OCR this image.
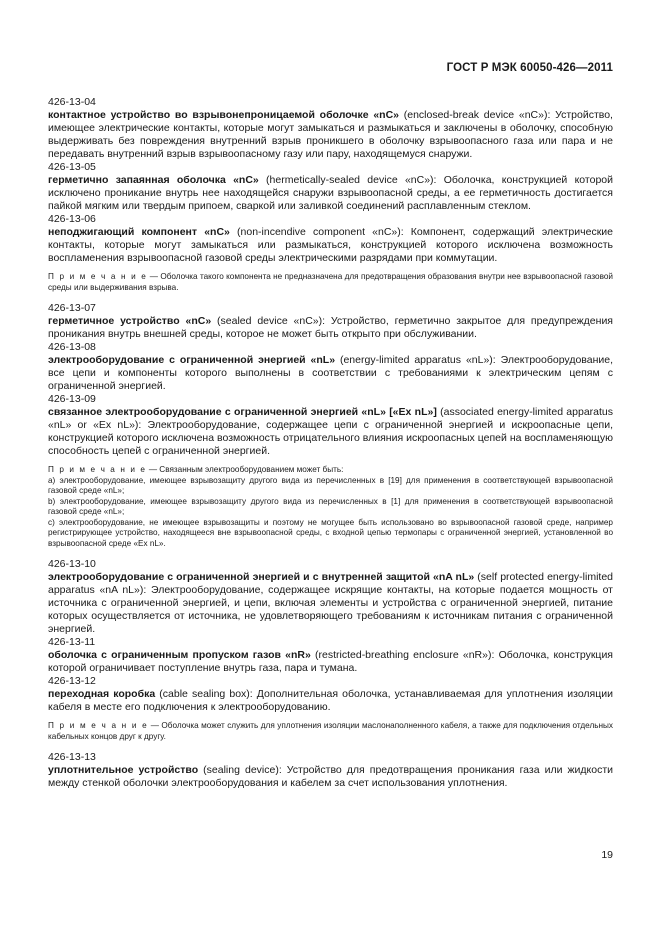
ГОСТ Р МЭК 60050-426—2011

426-13-04

контактное устройство во взрывонепроницаемой оболочке «nC» (enclosed-break device «nC»): Устройство, имеющее электрические контакты, которые могут замыкаться и размыкаться и заключены в оболочку, способную выдерживать без повреждения внутренний взрыв проникшего в оболочку взрывоопасного газа или пара и не передавать внутренний взрыв взрывоопасному газу или пару, находящемуся снаружи.

426-13-05

герметично запаянная оболочка «nC» (hermetically-sealed device «nC»): Оболочка, конструкцией которой исключено проникание внутрь нее находящейся снаружи взрывоопасной среды, а ее герметичность достигается пайкой мягким или твердым припоем, сваркой или заливкой соединений расплавленным стеклом.

426-13-06

неподжигающий компонент «nC» (non-incendive component «nC»): Компонент, содержащий электрические контакты, которые могут замыкаться или размыкаться, конструкцией которого исключена возможность воспламенения взрывоопасной газовой среды электрическими разрядами при коммутации.

П р и м е ч а н и е — Оболочка такого компонента не предназначена для предотвращения образования внутри нее взрывоопасной газовой среды или выдерживания взрыва.

426-13-07

герметичное устройство «nC» (sealed device «nC»): Устройство, герметично закрытое для предупреждения проникания внутрь внешней среды, которое не может быть открыто при обслуживании.

426-13-08

электрооборудование с ограниченной энергией «nL» (energy-limited apparatus «nL»): Электрооборудование, все цепи и компоненты которого выполнены в соответствии с требованиями к электрическим цепям с ограниченной энергией.

426-13-09

связанное электрооборудование с ограниченной энергией «nL» [«Ex nL»] (associated energy-limited apparatus «nL» or «Ex nL»): Электрооборудование, содержащее цепи с ограниченной энергией и искроопасные цепи, конструкцией которого исключена возможность отрицательного влияния искроопасных цепей на воспламеняющую способность цепей с ограниченной энергией.

П р и м е ч а н и е — Связанным электрооборудованием может быть:

a) электрооборудование, имеющее взрывозащиту другого вида из перечисленных в [19] для применения в соответствующей взрывоопасной газовой среде «nL»;

b) электрооборудование, имеющее взрывозащиту другого вида из перечисленных в [1] для применения в соответствующей взрывоопасной газовой среде «nL»;

c) электрооборудование, не имеющее взрывозащиты и поэтому не могущее быть использовано во взрывоопасной газовой среде, например регистрирующее устройство, находящееся вне взрывоопасной среды, с входной цепью термопары с ограниченной энергией, установленной во взрывоопасной среде «Ex nL».

426-13-10

электрооборудование с ограниченной энергией и с внутренней защитой «nA nL» (self protected energy-limited apparatus «nA nL»): Электрооборудование, содержащее искрящие контакты, на которые подается мощность от источника с ограниченной энергией, и цепи, включая элементы и устройства с ограниченной энергией, питание которых осуществляется от источника, не удовлетворяющего требованиям к источникам питания с ограниченной энергией.

426-13-11

оболочка с ограниченным пропуском газов «nR» (restricted-breathing enclosure «nR»): Оболочка, конструкция которой ограничивает поступление внутрь газа, пара и тумана.

426-13-12

переходная коробка (cable sealing box): Дополнительная оболочка, устанавливаемая для уплотнения изоляции кабеля в месте его подключения к электрооборудованию.

П р и м е ч а н и е — Оболочка может служить для уплотнения изоляции маслонаполненного кабеля, а также для подключения отдельных кабельных концов друг к другу.

426-13-13

уплотнительное устройство (sealing device): Устройство для предотвращения проникания газа или жидкости между стенкой оболочки электрооборудования и кабелем за счет использования уплотнения.

19
